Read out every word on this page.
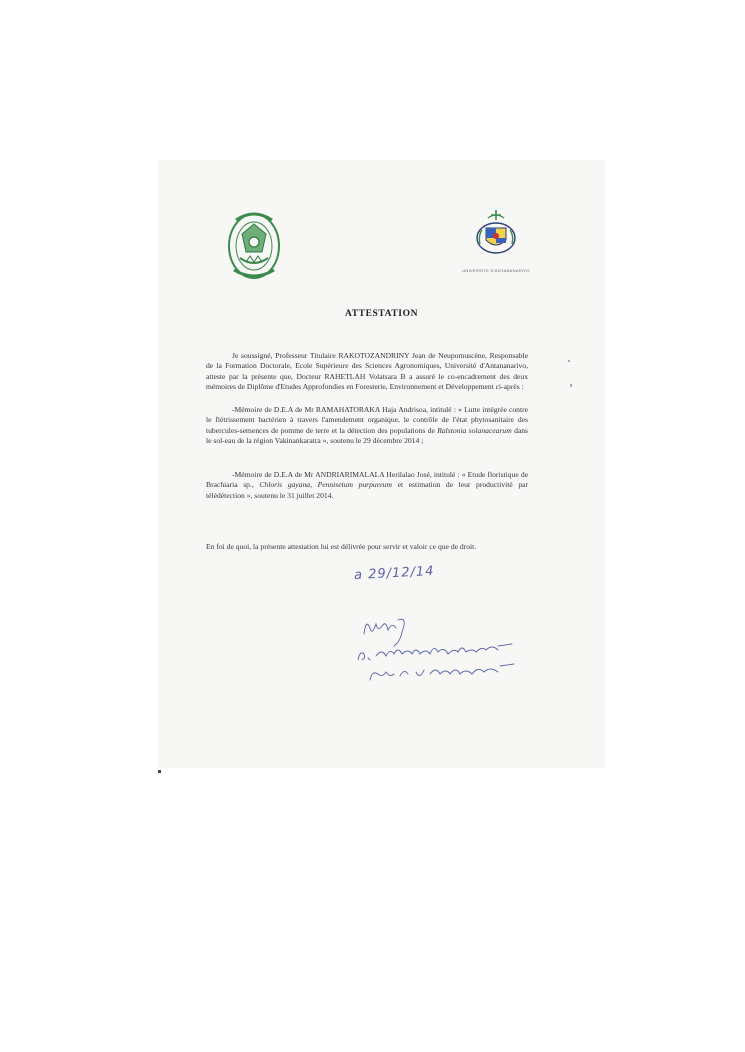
UNIVERSITE D'ANTANANARIVO
ATTESTATION

Je soussigné, Professeur Titulaire RAKOTOZANDRINY Jean de Neupomuscène, Responsable de la Formation Doctorale, Ecole Supérieure des Sciences Agronomiques, Université d'Antananarivo, atteste par la présente que, Docteur RAHETLAH Volatsara B a assuré le co-encadrement des deux mémoires de Diplôme d'Etudes Approfondies en Foresterie, Environnement et Développement ci-après :

-Mémoire de D.E.A de Mr RAMAHATORAKA Haja Andrisoa, intitulé : « Lutte intégrée contre le flétrissement bactérien à travers l'amendement organique, le contrôle de l'état phytosanitaire des tubercules-semences de pomme de terre et la détection des populations de Ralstonia solanacearum dans le sol-eau de la région Vakinankaratra », soutenu le 29 décembre 2014 ;

-Mémoire de D.E.A de Mr ANDRIARIMALALA Herilalao José, intitulé : « Etude floristique de Brachiaria sp., Chloris gayana, Pennisetum purpureum et estimation de leur productivité par télédétection », soutenu le 31 juillet 2014.

En foi de quoi, la présente attestation lui est délivrée pour servir et valoir ce que de droit.

a 29/12/14
